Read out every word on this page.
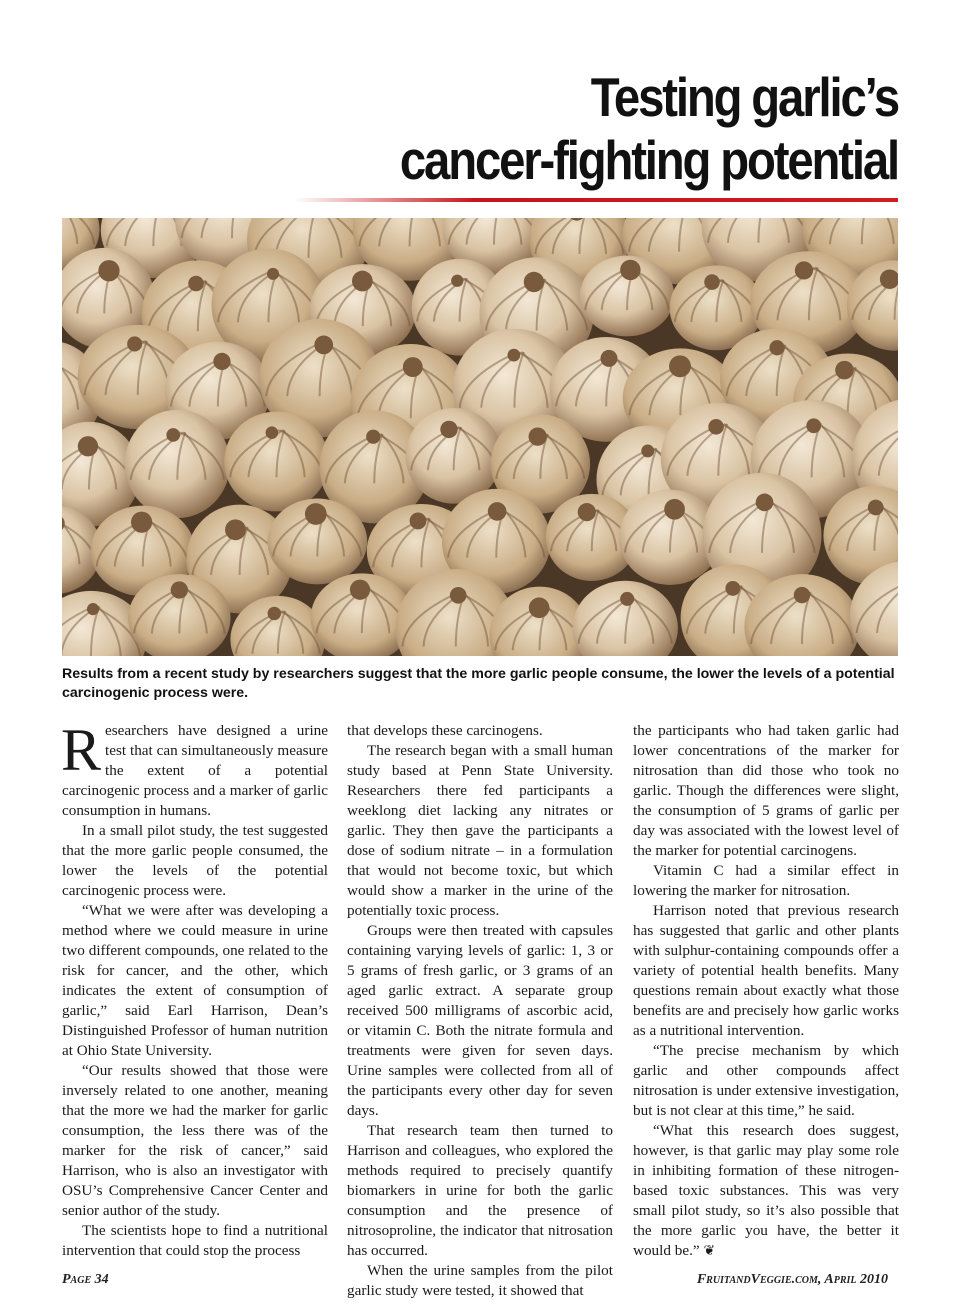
Testing garlic’s
cancer-fighting potential
Results from a recent study by researchers suggest that the more garlic people consume, the lower the levels of a potential carcinogenic process were.

Researchers have designed a urine test that can simultaneously measure the extent of a potential carcinogenic process and a marker of garlic consumption in humans.

In a small pilot study, the test suggested that the more garlic people consumed, the lower the levels of the potential carcinogenic process were.

“What we were after was developing a method where we could measure in urine two different compounds, one related to the risk for cancer, and the other, which indicates the extent of consumption of garlic,” said Earl Harrison, Dean’s Distinguished Professor of human nutrition at Ohio State University.

“Our results showed that those were inversely related to one another, meaning that the more we had the marker for garlic consumption, the less there was of the marker for the risk of cancer,” said Harrison, who is also an investigator with OSU’s Comprehensive Cancer Center and senior author of the study.

The scientists hope to find a nutritional intervention that could stop the process

that develops these carcinogens.

The research began with a small human study based at Penn State University. Researchers there fed participants a weeklong diet lacking any nitrates or garlic. They then gave the participants a dose of sodium nitrate – in a formulation that would not become toxic, but which would show a marker in the urine of the potentially toxic process.

Groups were then treated with capsules containing varying levels of garlic: 1, 3 or 5 grams of fresh garlic, or 3 grams of an aged garlic extract. A separate group received 500 milligrams of ascorbic acid, or vitamin C. Both the nitrate formula and treatments were given for seven days. Urine samples were collected from all of the participants every other day for seven days.

That research team then turned to Harrison and colleagues, who explored the methods required to precisely quantify biomarkers in urine for both the garlic consumption and the presence of nitrosoproline, the indicator that nitrosation has occurred.

When the urine samples from the pilot garlic study were tested, it showed that

the participants who had taken garlic had lower concentrations of the marker for nitrosation than did those who took no garlic. Though the differences were slight, the consumption of 5 grams of garlic per day was associated with the lowest level of the marker for potential carcinogens.

Vitamin C had a similar effect in lowering the marker for nitrosation.

Harrison noted that previous research has suggested that garlic and other plants with sulphur-containing compounds offer a variety of potential health benefits. Many questions remain about exactly what those benefits are and precisely how garlic works as a nutritional intervention.

“The precise mechanism by which garlic and other compounds affect nitrosation is under extensive investigation, but is not clear at this time,” he said.

“What this research does suggest, however, is that garlic may play some role in inhibiting formation of these nitrogen-based toxic substances. This was very small pilot study, so it’s also possible that the more garlic you have, the better it would be.” ❦

Page 34	FruitandVeggie.com, April 2010
